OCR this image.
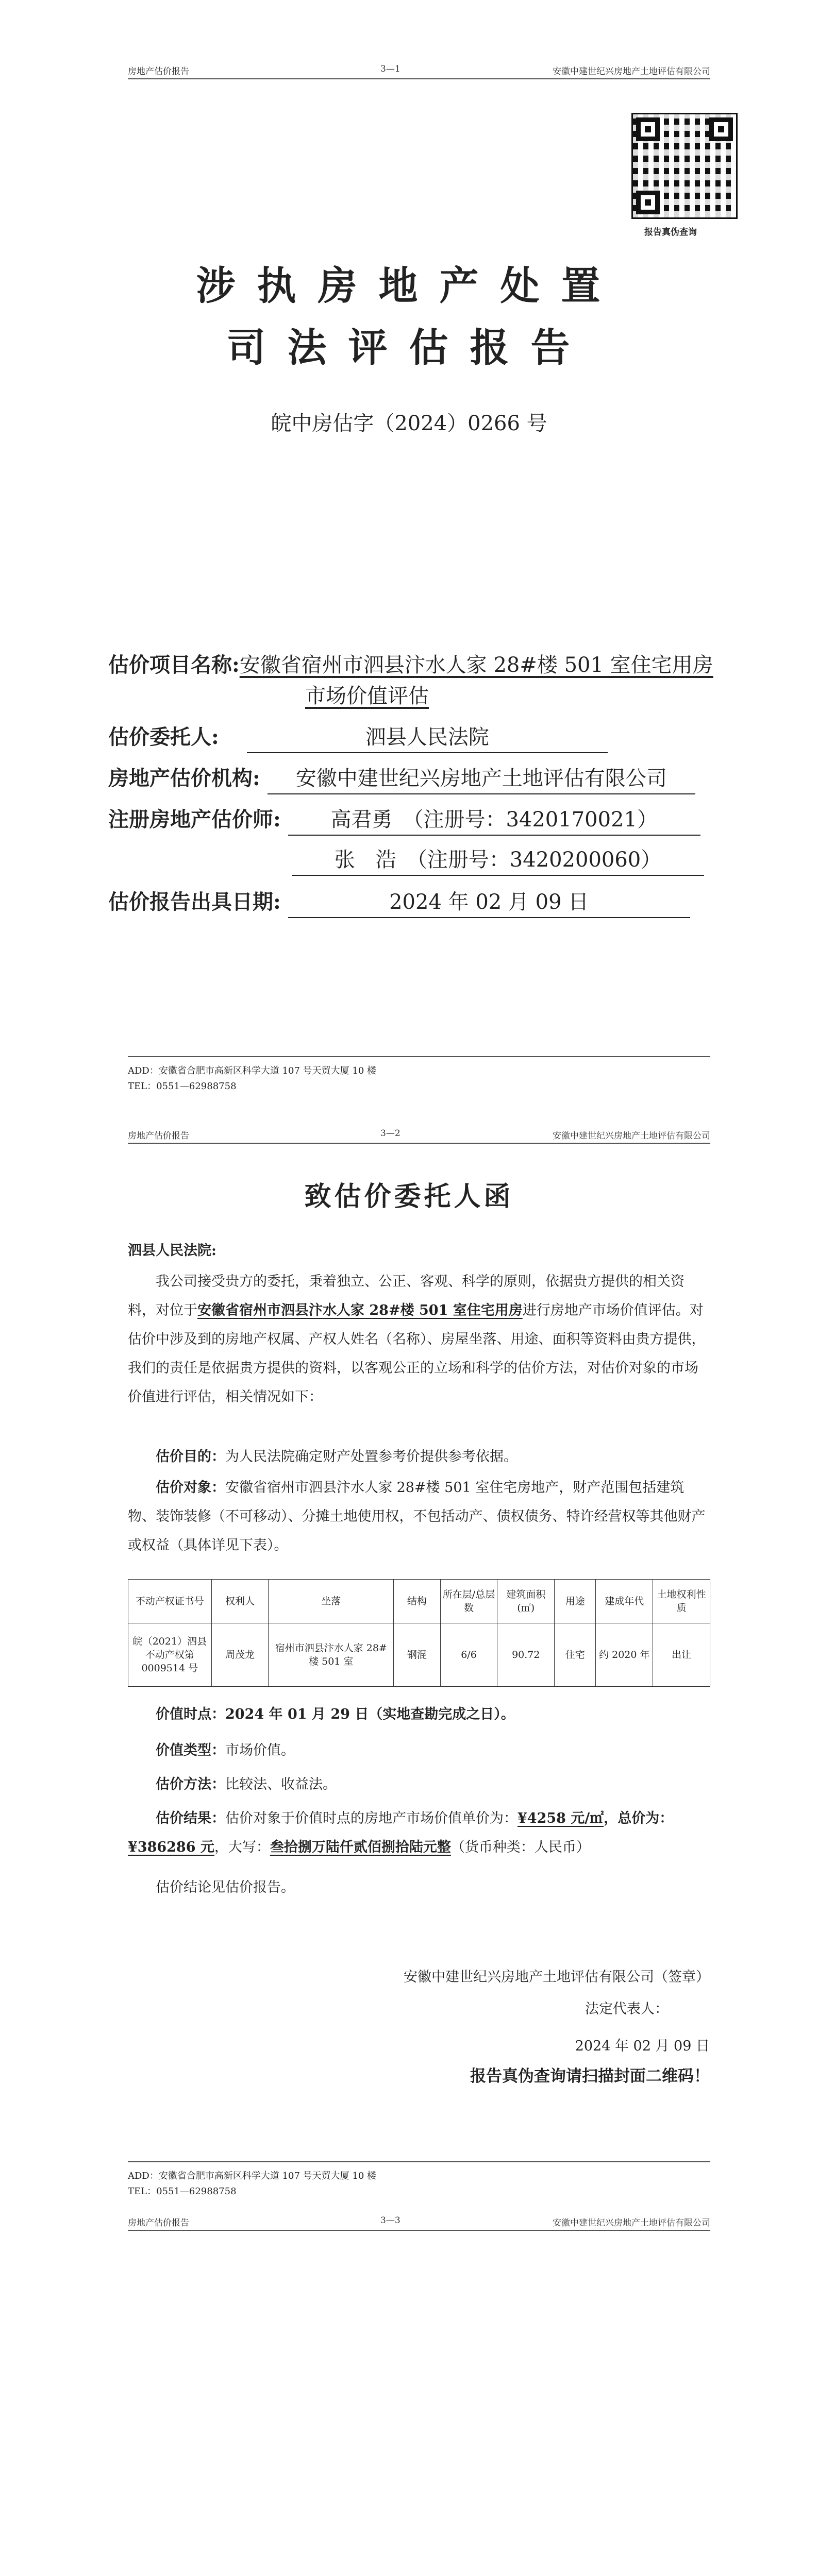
房地产估价报告	3—1	安徽中建世纪兴房地产土地评估有限公司
报告真伪查询
涉执房地产处置
司法评估报告
皖中房估字（2024）0266 号
估价项目名称:安徽省宿州市泗县汴水人家 28#楼 501 室住宅用房
市场价值评估
估价委托人:	泗县人民法院
房地产估价机构: 安徽中建世纪兴房地产土地评估有限公司
注册房地产估价师: 高君勇　（注册号：3420170021）
张　浩　（注册号：3420200060）
估价报告出具日期:	2024 年 02 月 09 日
ADD：安徽省合肥市高新区科学大道 107 号天贸大厦 10 楼
TEL：0551—62988758
房地产估价报告	3—2	安徽中建世纪兴房地产土地评估有限公司
致估价委托人函
泗县人民法院:
我公司接受贵方的委托，秉着独立、公正、客观、科学的原则，依据贵方提供的相关资料，对位于安徽省宿州市泗县汴水人家 28#楼 501 室住宅用房进行房地产市场价值评估。对估价中涉及到的房地产权属、产权人姓名（名称）、房屋坐落、用途、面积等资料由贵方提供，我们的责任是依据贵方提供的资料，以客观公正的立场和科学的估价方法，对估价对象的市场价值进行评估，相关情况如下：
估价目的：为人民法院确定财产处置参考价提供参考依据。
估价对象：安徽省宿州市泗县汴水人家 28#楼 501 室住宅房地产，财产范围包括建筑物、装饰装修（不可移动）、分摊土地使用权，不包括动产、债权债务、特许经营权等其他财产或权益（具体详见下表）。
不动产权证书号	权利人	坐落	结构	所在层/总层数	建筑面积(㎡)	用途	建成年代	土地权利性质
皖（2021）泗县不动产权第 0009514 号	周茂龙	宿州市泗县汴水人家 28#楼 501 室	钢混	6/6	90.72	住宅	约 2020 年	出让
价值时点：2024 年 01 月 29 日（实地查勘完成之日）。
价值类型：市场价值。
估价方法：比较法、收益法。
估价结果：估价对象于价值时点的房地产市场价值单价为：¥4258 元/㎡，总价为：¥386286 元，大写：叁拾捌万陆仟贰佰捌拾陆元整（货币种类：人民币）
估价结论见估价报告。
安徽中建世纪兴房地产土地评估有限公司（签章）
法定代表人：
2024 年 02 月 09 日
报告真伪查询请扫描封面二维码！
ADD：安徽省合肥市高新区科学大道 107 号天贸大厦 10 楼
TEL：0551—62988758
房地产估价报告	3—3	安徽中建世纪兴房地产土地评估有限公司
